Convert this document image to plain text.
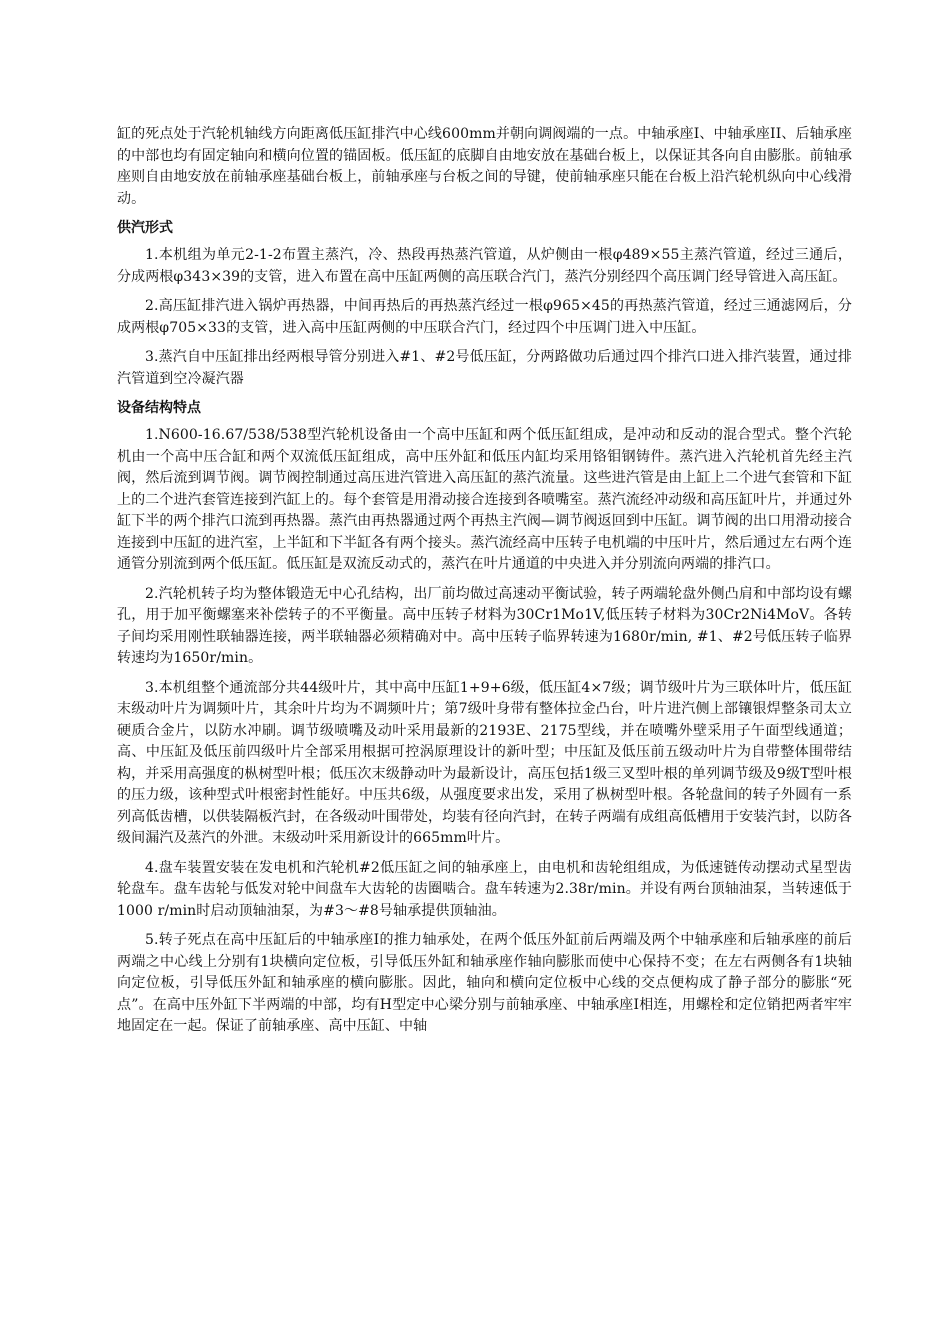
缸的死点处于汽轮机轴线方向距离低压缸排汽中心线600mm并朝向调阀端的一点。中轴承座I、中轴承座II、后轴承座的中部也均有固定轴向和横向位置的锚固板。低压缸的底脚自由地安放在基础台板上，以保证其各向自由膨胀。前轴承座则自由地安放在前轴承座基础台板上，前轴承座与台板之间的导键，使前轴承座只能在台板上沿汽轮机纵向中心线滑动。

供汽形式

1.本机组为单元2-1-2布置主蒸汽，冷、热段再热蒸汽管道，从炉侧由一根φ489×55主蒸汽管道，经过三通后，分成两根φ343×39的支管，进入布置在高中压缸两侧的高压联合汽门，蒸汽分别经四个高压调门经导管进入高压缸。

2.高压缸排汽进入锅炉再热器，中间再热后的再热蒸汽经过一根φ965×45的再热蒸汽管道，经过三通滤网后，分成两根φ705×33的支管，进入高中压缸两侧的中压联合汽门，经过四个中压调门进入中压缸。

3.蒸汽自中压缸排出经两根导管分别进入#1、#2号低压缸，分两路做功后通过四个排汽口进入排汽装置，通过排汽管道到空冷凝汽器

设备结构特点

1.N600-16.67/538/538型汽轮机设备由一个高中压缸和两个低压缸组成，是冲动和反动的混合型式。整个汽轮机由一个高中压合缸和两个双流低压缸组成，高中压外缸和低压内缸均采用铬钼钢铸件。蒸汽进入汽轮机首先经主汽阀，然后流到调节阀。调节阀控制通过高压进汽管进入高压缸的蒸汽流量。这些进汽管是由上缸上二个进气套管和下缸上的二个进汽套管连接到汽缸上的。每个套管是用滑动接合连接到各喷嘴室。蒸汽流经冲动级和高压缸叶片，并通过外缸下半的两个排汽口流到再热器。蒸汽由再热器通过两个再热主汽阀—调节阀返回到中压缸。调节阀的出口用滑动接合连接到中压缸的进汽室，上半缸和下半缸各有两个接头。蒸汽流经高中压转子电机端的中压叶片，然后通过左右两个连通管分别流到两个低压缸。低压缸是双流反动式的，蒸汽在叶片通道的中央进入并分别流向两端的排汽口。

2.汽轮机转子均为整体锻造无中心孔结构，出厂前均做过高速动平衡试验，转子两端轮盘外侧凸肩和中部均设有螺孔，用于加平衡螺塞来补偿转子的不平衡量。高中压转子材料为30Cr1Mo1V,低压转子材料为30Cr2Ni4MoV。各转子间均采用刚性联轴器连接，两半联轴器必须精确对中。高中压转子临界转速为1680r/min, #1、#2号低压转子临界转速均为1650r/min。

3.本机组整个通流部分共44级叶片，其中高中压缸1+9+6级，低压缸4×7级；调节级叶片为三联体叶片，低压缸末级动叶片为调频叶片，其余叶片均为不调频叶片；第7级叶身带有整体拉金凸台，叶片进汽侧上部镶银焊整条司太立硬质合金片，以防水冲刷。调节级喷嘴及动叶采用最新的2193E、2175型线，并在喷嘴外壁采用子午面型线通道；高、中压缸及低压前四级叶片全部采用根据可控涡原理设计的新叶型；中压缸及低压前五级动叶片为自带整体围带结构，并采用高强度的枞树型叶根；低压次末级静动叶为最新设计，高压包括1级三叉型叶根的单列调节级及9级T型叶根的压力级，该种型式叶根密封性能好。中压共6级，从强度要求出发，采用了枞树型叶根。各轮盘间的转子外圆有一系列高低齿槽，以供装隔板汽封，在各级动叶围带处，均装有径向汽封，在转子两端有成组高低槽用于安装汽封，以防各级间漏汽及蒸汽的外泄。末级动叶采用新设计的665mm叶片。

4.盘车装置安装在发电机和汽轮机#2低压缸之间的轴承座上，由电机和齿轮组组成，为低速链传动摆动式星型齿轮盘车。盘车齿轮与低发对轮中间盘车大齿轮的齿圈啮合。盘车转速为2.38r/min。并设有两台顶轴油泵，当转速低于1000 r/min时启动顶轴油泵，为#3～#8号轴承提供顶轴油。

5.转子死点在高中压缸后的中轴承座Ⅰ的推力轴承处，在两个低压外缸前后两端及两个中轴承座和后轴承座的前后两端之中心线上分别有1块横向定位板，引导低压外缸和轴承座作轴向膨胀而使中心保持不变；在左右两侧各有1块轴向定位板，引导低压外缸和轴承座的横向膨胀。因此，轴向和横向定位板中心线的交点便构成了静子部分的膨胀“死点”。在高中压外缸下半两端的中部，均有H型定中心梁分别与前轴承座、中轴承座Ⅰ相连，用螺栓和定位销把两者牢牢地固定在一起。保证了前轴承座、高中压缸、中轴
